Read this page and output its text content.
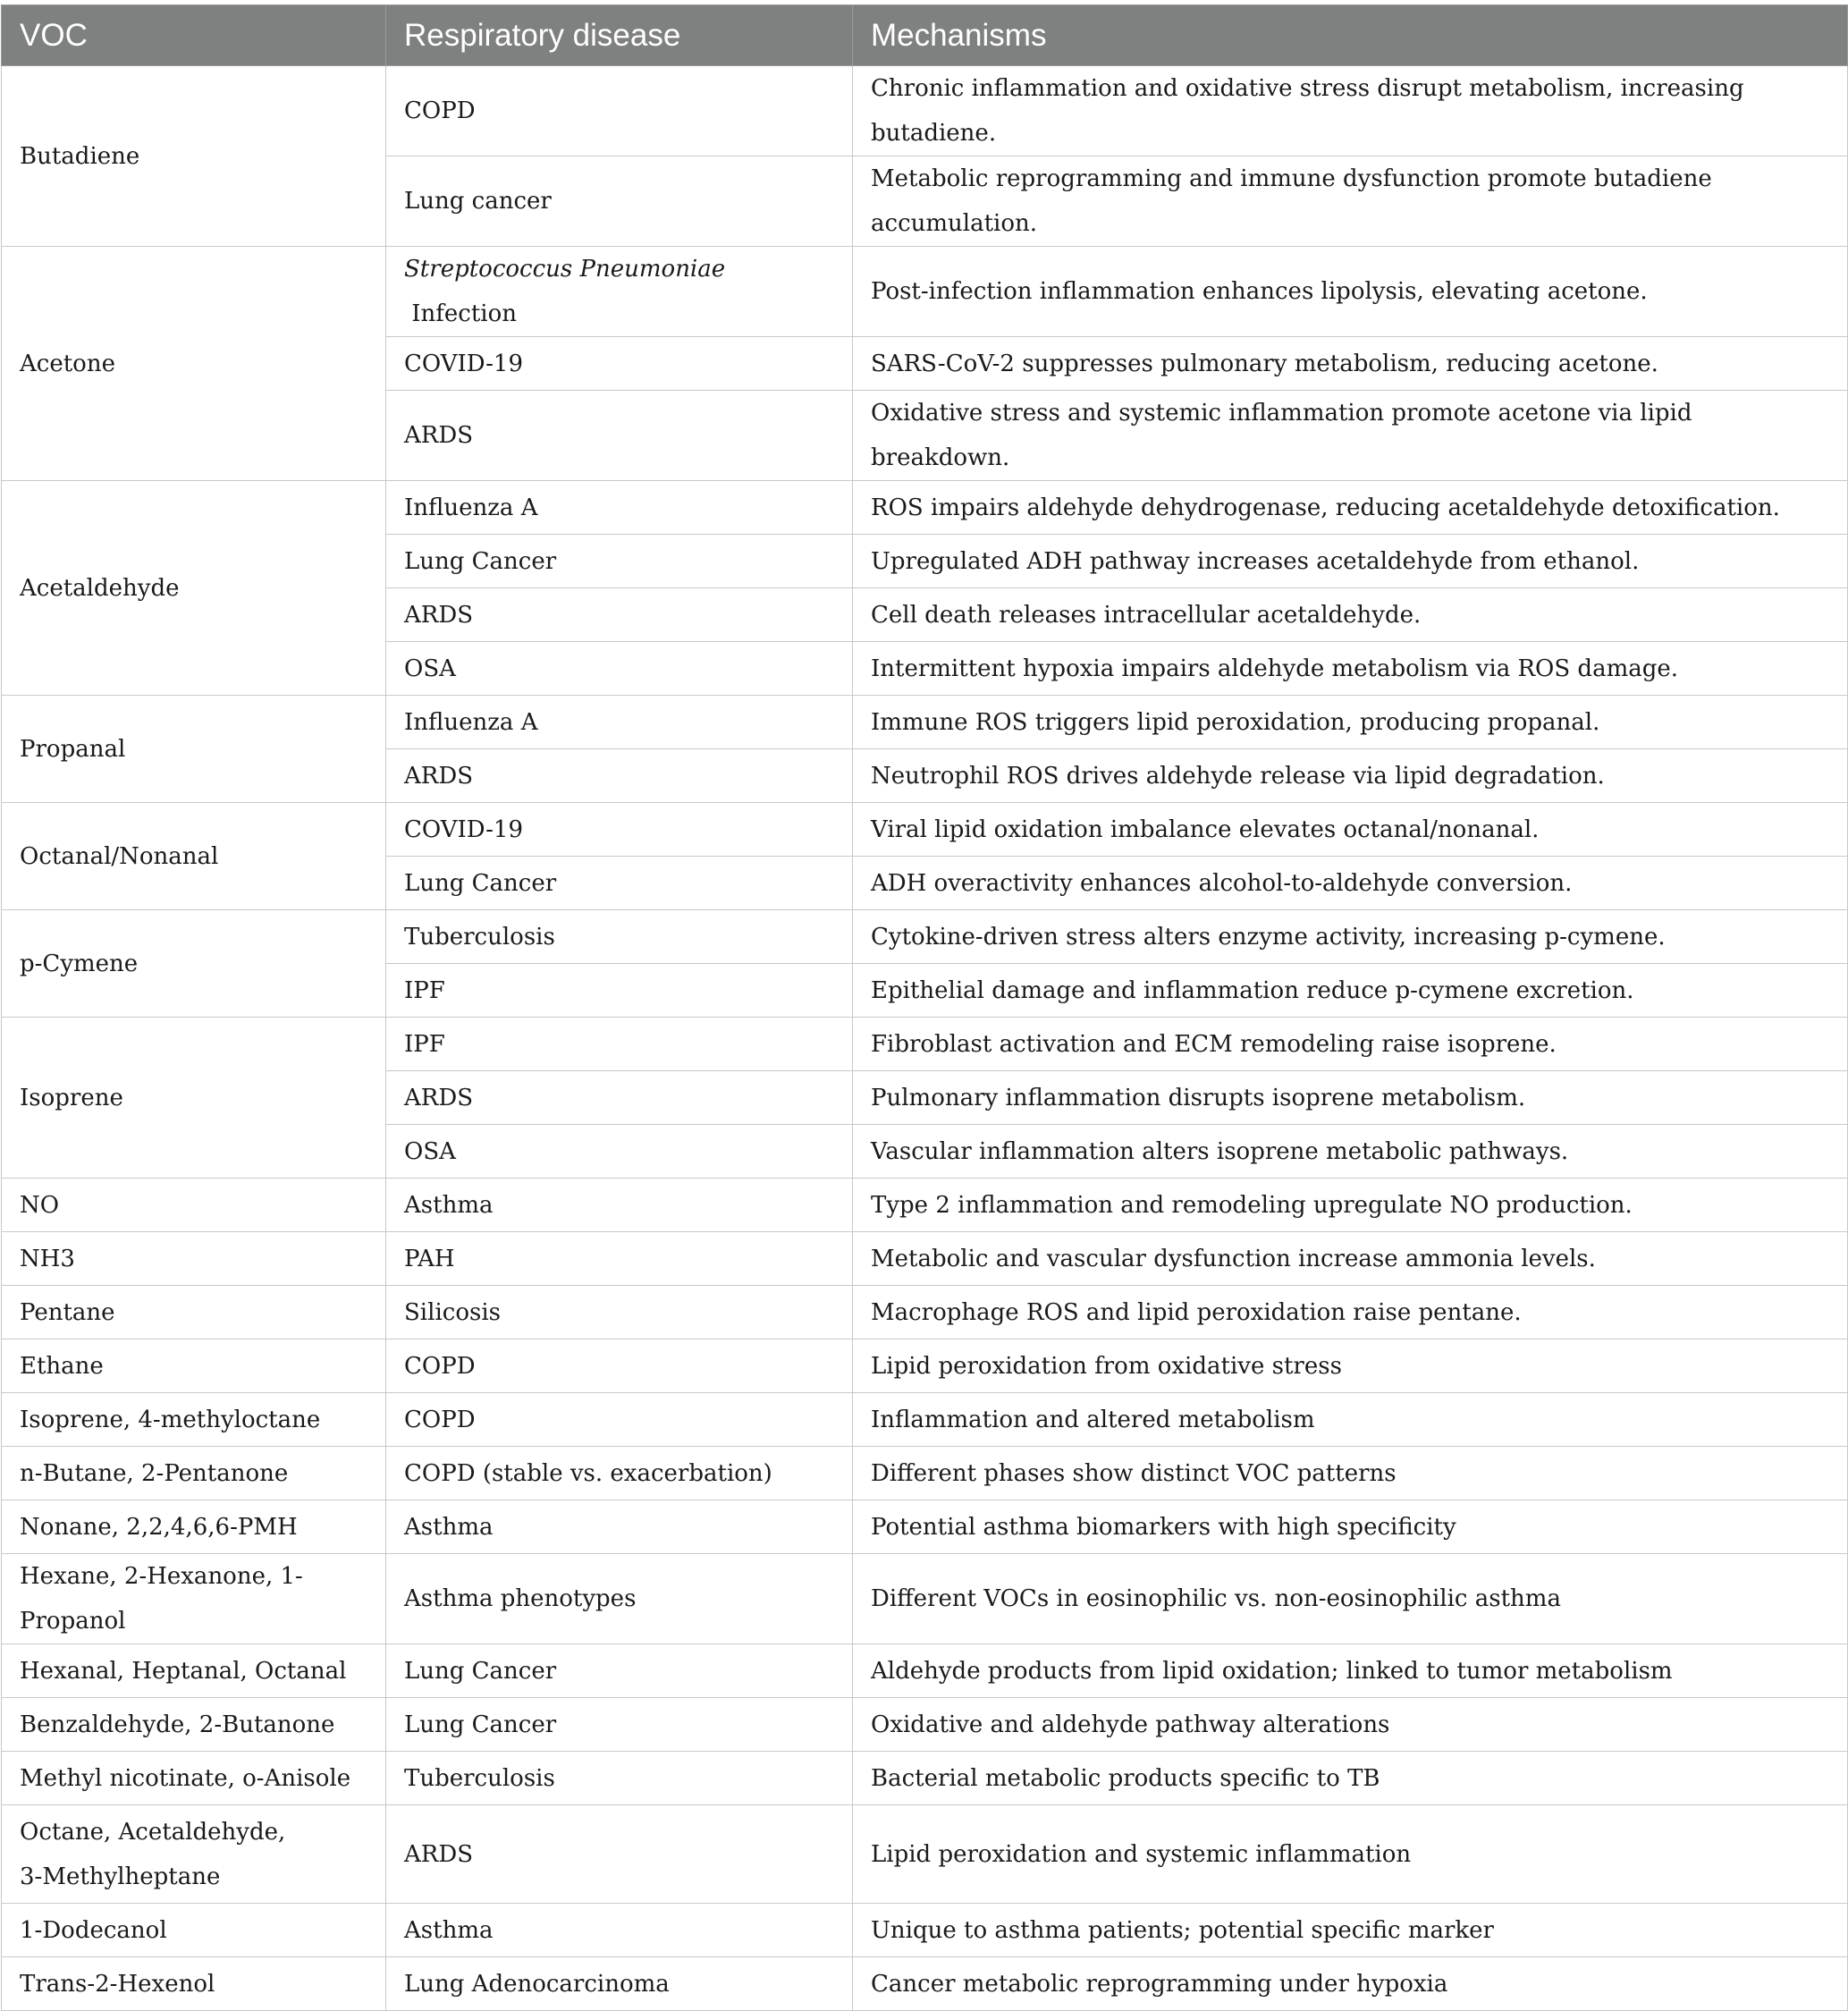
VOC	Respiratory disease	Mechanisms
Butadiene	COPD	Chronic inflammation and oxidative stress disrupt metabolism, increasing butadiene.
	Lung cancer	Metabolic reprogramming and immune dysfunction promote butadiene accumulation.
Acetone	Streptococcus Pneumoniae Infection	Post-infection inflammation enhances lipolysis, elevating acetone.
	COVID-19	SARS-CoV-2 suppresses pulmonary metabolism, reducing acetone.
	ARDS	Oxidative stress and systemic inflammation promote acetone via lipid breakdown.
Acetaldehyde	Influenza A	ROS impairs aldehyde dehydrogenase, reducing acetaldehyde detoxification.
	Lung Cancer	Upregulated ADH pathway increases acetaldehyde from ethanol.
	ARDS	Cell death releases intracellular acetaldehyde.
	OSA	Intermittent hypoxia impairs aldehyde metabolism via ROS damage.
Propanal	Influenza A	Immune ROS triggers lipid peroxidation, producing propanal.
	ARDS	Neutrophil ROS drives aldehyde release via lipid degradation.
Octanal/Nonanal	COVID-19	Viral lipid oxidation imbalance elevates octanal/nonanal.
	Lung Cancer	ADH overactivity enhances alcohol-to-aldehyde conversion.
p-Cymene	Tuberculosis	Cytokine-driven stress alters enzyme activity, increasing p-cymene.
	IPF	Epithelial damage and inflammation reduce p-cymene excretion.
Isoprene	IPF	Fibroblast activation and ECM remodeling raise isoprene.
	ARDS	Pulmonary inflammation disrupts isoprene metabolism.
	OSA	Vascular inflammation alters isoprene metabolic pathways.
NO	Asthma	Type 2 inflammation and remodeling upregulate NO production.
NH3	PAH	Metabolic and vascular dysfunction increase ammonia levels.
Pentane	Silicosis	Macrophage ROS and lipid peroxidation raise pentane.
Ethane	COPD	Lipid peroxidation from oxidative stress
Isoprene, 4-methyloctane	COPD	Inflammation and altered metabolism
n-Butane, 2-Pentanone	COPD (stable vs. exacerbation)	Different phases show distinct VOC patterns
Nonane, 2,2,4,6,6-PMH	Asthma	Potential asthma biomarkers with high specificity
Hexane, 2-Hexanone, 1-Propanol	Asthma phenotypes	Different VOCs in eosinophilic vs. non-eosinophilic asthma
Hexanal, Heptanal, Octanal	Lung Cancer	Aldehyde products from lipid oxidation; linked to tumor metabolism
Benzaldehyde, 2-Butanone	Lung Cancer	Oxidative and aldehyde pathway alterations
Methyl nicotinate, o-Anisole	Tuberculosis	Bacterial metabolic products specific to TB
Octane, Acetaldehyde,
3-Methylheptane	ARDS	Lipid peroxidation and systemic inflammation
1-Dodecanol	Asthma	Unique to asthma patients; potential specific marker
Trans-2-Hexenol	Lung Adenocarcinoma	Cancer metabolic reprogramming under hypoxia
